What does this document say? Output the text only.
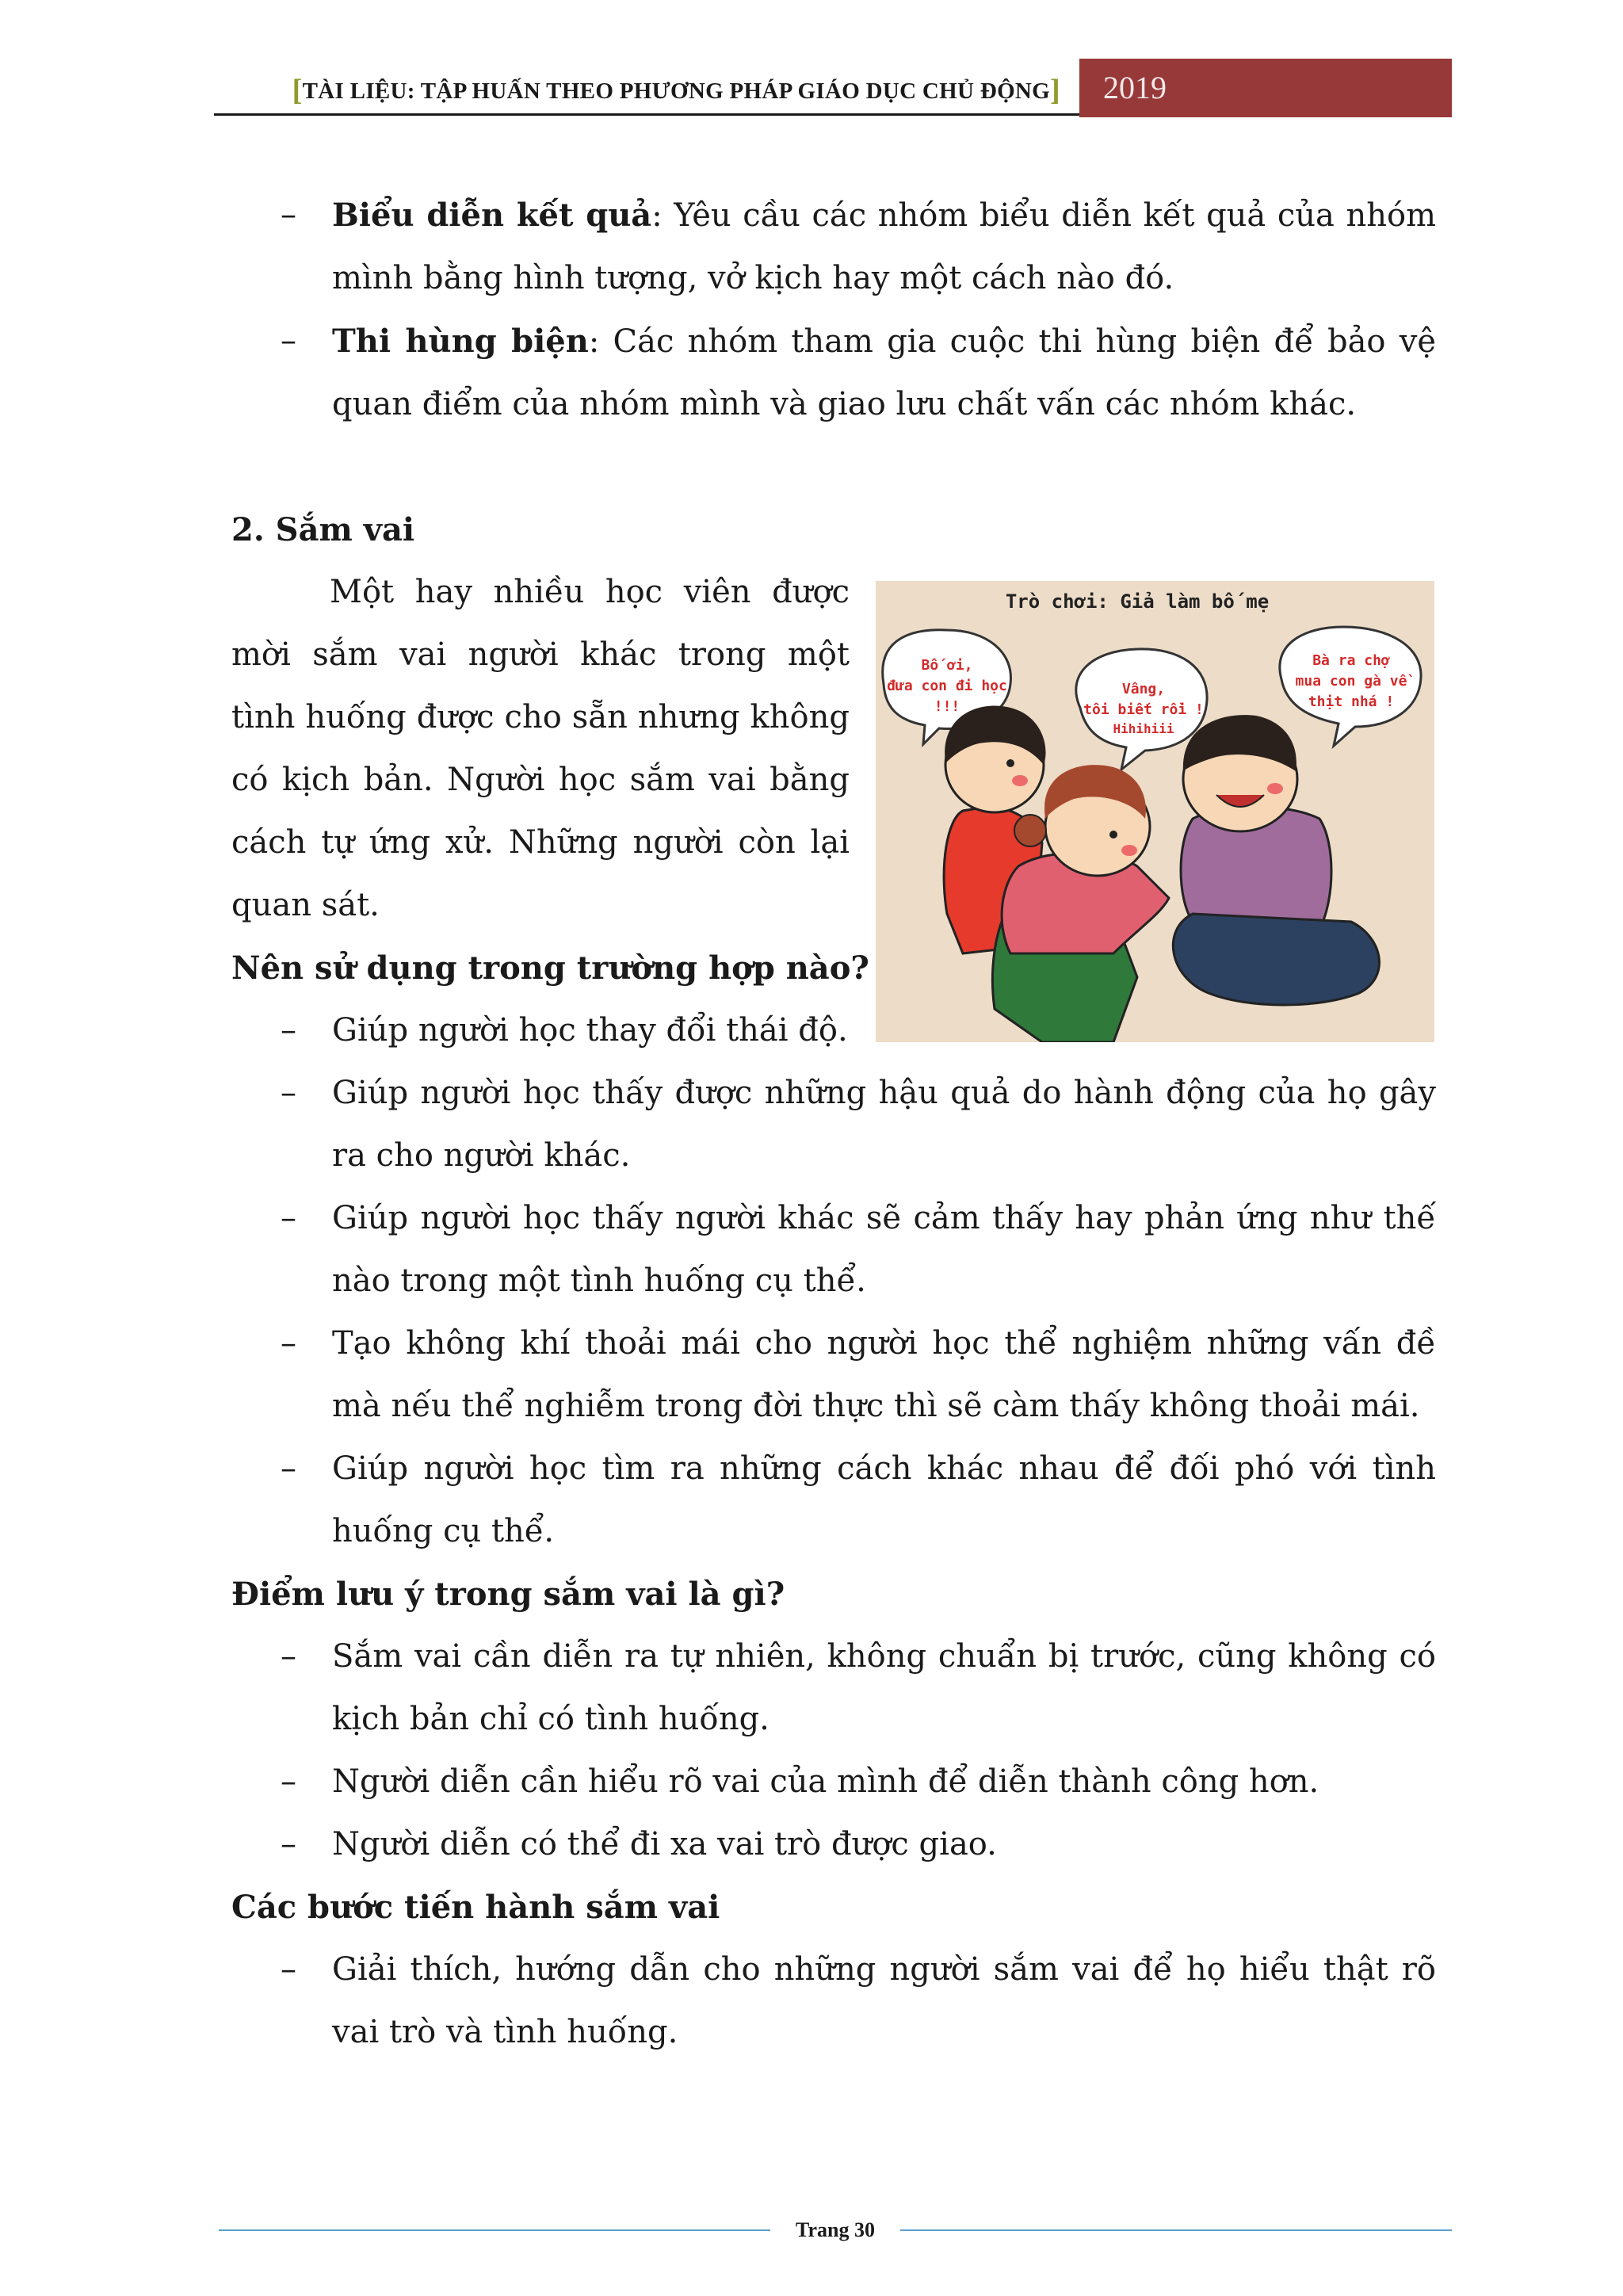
[TÀI LIỆU: TẬP HUẤN THEO PHƯƠNG PHÁP GIÁO DỤC CHỦ ĐỘNG]	2019
– Biểu diễn kết quả: Yêu cầu các nhóm biểu diễn kết quả của nhóm mình bằng hình tượng, vở kịch hay một cách nào đó.
– Thi hùng biện: Các nhóm tham gia cuộc thi hùng biện để bảo vệ quan điểm của nhóm mình và giao lưu chất vấn các nhóm khác.
2. Sắm vai
Một hay nhiều học viên được mời sắm vai người khác trong một tình huống được cho sẵn nhưng không có kịch bản. Người học sắm vai bằng cách tự ứng xử. Những người còn lại quan sát.
Nên sử dụng trong trường hợp nào?
– Giúp người học thay đổi thái độ.
– Giúp người học thấy được những hậu quả do hành động của họ gây ra cho người khác.
– Giúp người học thấy người khác sẽ cảm thấy hay phản ứng như thế nào trong một tình huống cụ thể.
– Tạo không khí thoải mái cho người học thể nghiệm những vấn đề mà nếu thể nghiễm trong đời thực thì sẽ càm thấy không thoải mái.
– Giúp người học tìm ra những cách khác nhau để đối phó với tình huống cụ thể.
Điểm lưu ý trong sắm vai là gì?
– Sắm vai cần diễn ra tự nhiên, không chuẩn bị trước, cũng không có kịch bản chỉ có tình huống.
– Người diễn cần hiểu rõ vai của mình để diễn thành công hơn.
– Người diễn có thể đi xa vai trò được giao.
Các bước tiến hành sắm vai
– Giải thích, hướng dẫn cho những người sắm vai để họ hiểu thật rõ vai trò và tình huống.
Trò chơi: Giả làm bố mẹ
Bố ơi,
đưa con đi học
!!!
Vâng,
tôi biết rồi !
Hihihiii
Bà ra chợ
mua con gà về
thịt nhá !
Trang 30
